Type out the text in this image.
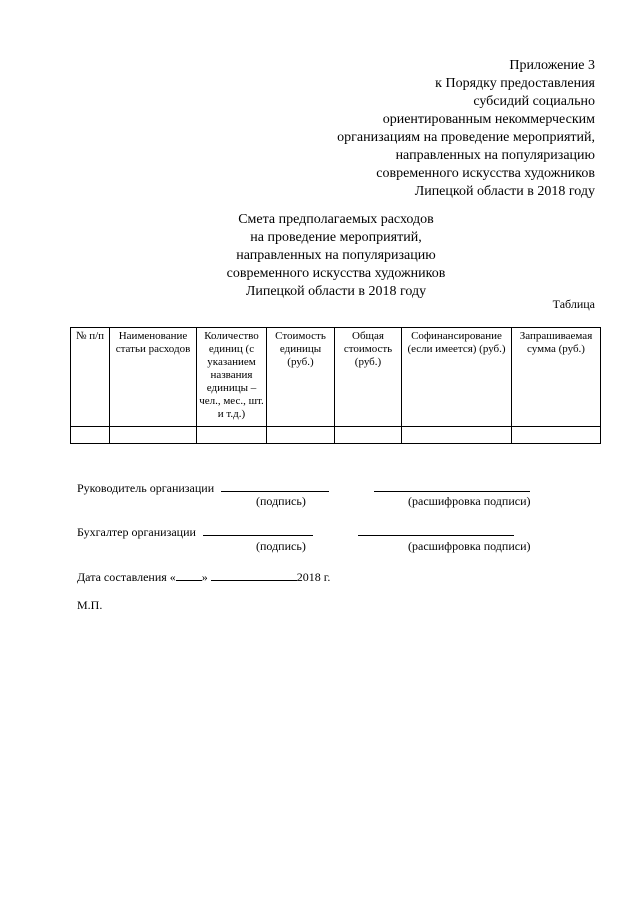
Приложение 3
к Порядку предоставления
субсидий социально
ориентированным некоммерческим
организациям на проведение мероприятий,
направленных на популяризацию
современного искусства художников
Липецкой области в 2018 году
Смета предполагаемых расходов
на проведение мероприятий,
направленных на популяризацию
современного искусства художников
Липецкой области в 2018 году
Таблица
№ п/п	Наименование статьи расходов	Количество единиц (с указанием названия единицы – чел., мес., шт. и т.д.)	Стоимость единицы (руб.)	Общая стоимость (руб.)	Софинансирование (если имеется) (руб.)	Запрашиваемая сумма (руб.)

Руководитель организации
(подпись)	(расшифровка подписи)
Бухгалтер организации
(подпись)	(расшифровка подписи)
Дата составления « »	2018 г.
М.П.
